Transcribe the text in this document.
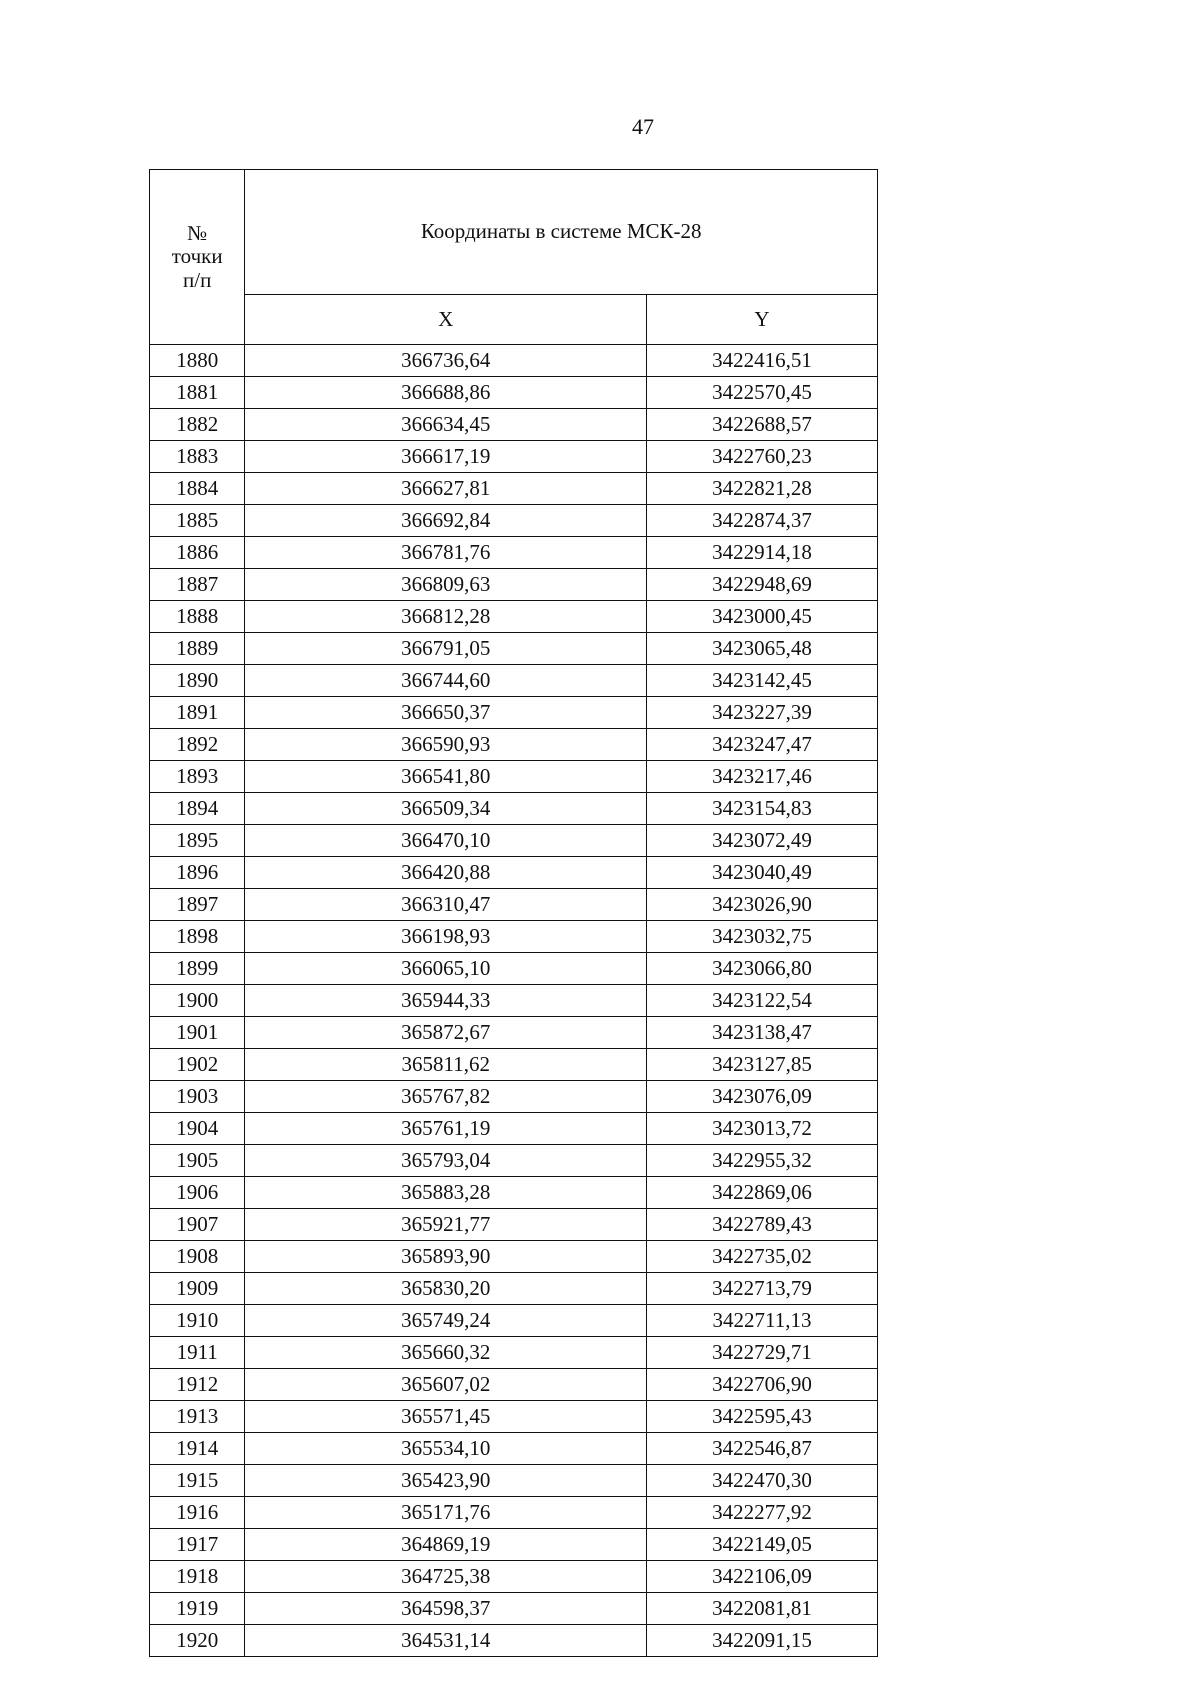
47
№
точки
п/п	Координаты в системе МСК-28	
	X	Y
1880	366736,64	3422416,51
1881	366688,86	3422570,45
1882	366634,45	3422688,57
1883	366617,19	3422760,23
1884	366627,81	3422821,28
1885	366692,84	3422874,37
1886	366781,76	3422914,18
1887	366809,63	3422948,69
1888	366812,28	3423000,45
1889	366791,05	3423065,48
1890	366744,60	3423142,45
1891	366650,37	3423227,39
1892	366590,93	3423247,47
1893	366541,80	3423217,46
1894	366509,34	3423154,83
1895	366470,10	3423072,49
1896	366420,88	3423040,49
1897	366310,47	3423026,90
1898	366198,93	3423032,75
1899	366065,10	3423066,80
1900	365944,33	3423122,54
1901	365872,67	3423138,47
1902	365811,62	3423127,85
1903	365767,82	3423076,09
1904	365761,19	3423013,72
1905	365793,04	3422955,32
1906	365883,28	3422869,06
1907	365921,77	3422789,43
1908	365893,90	3422735,02
1909	365830,20	3422713,79
1910	365749,24	3422711,13
1911	365660,32	3422729,71
1912	365607,02	3422706,90
1913	365571,45	3422595,43
1914	365534,10	3422546,87
1915	365423,90	3422470,30
1916	365171,76	3422277,92
1917	364869,19	3422149,05
1918	364725,38	3422106,09
1919	364598,37	3422081,81
1920	364531,14	3422091,15
